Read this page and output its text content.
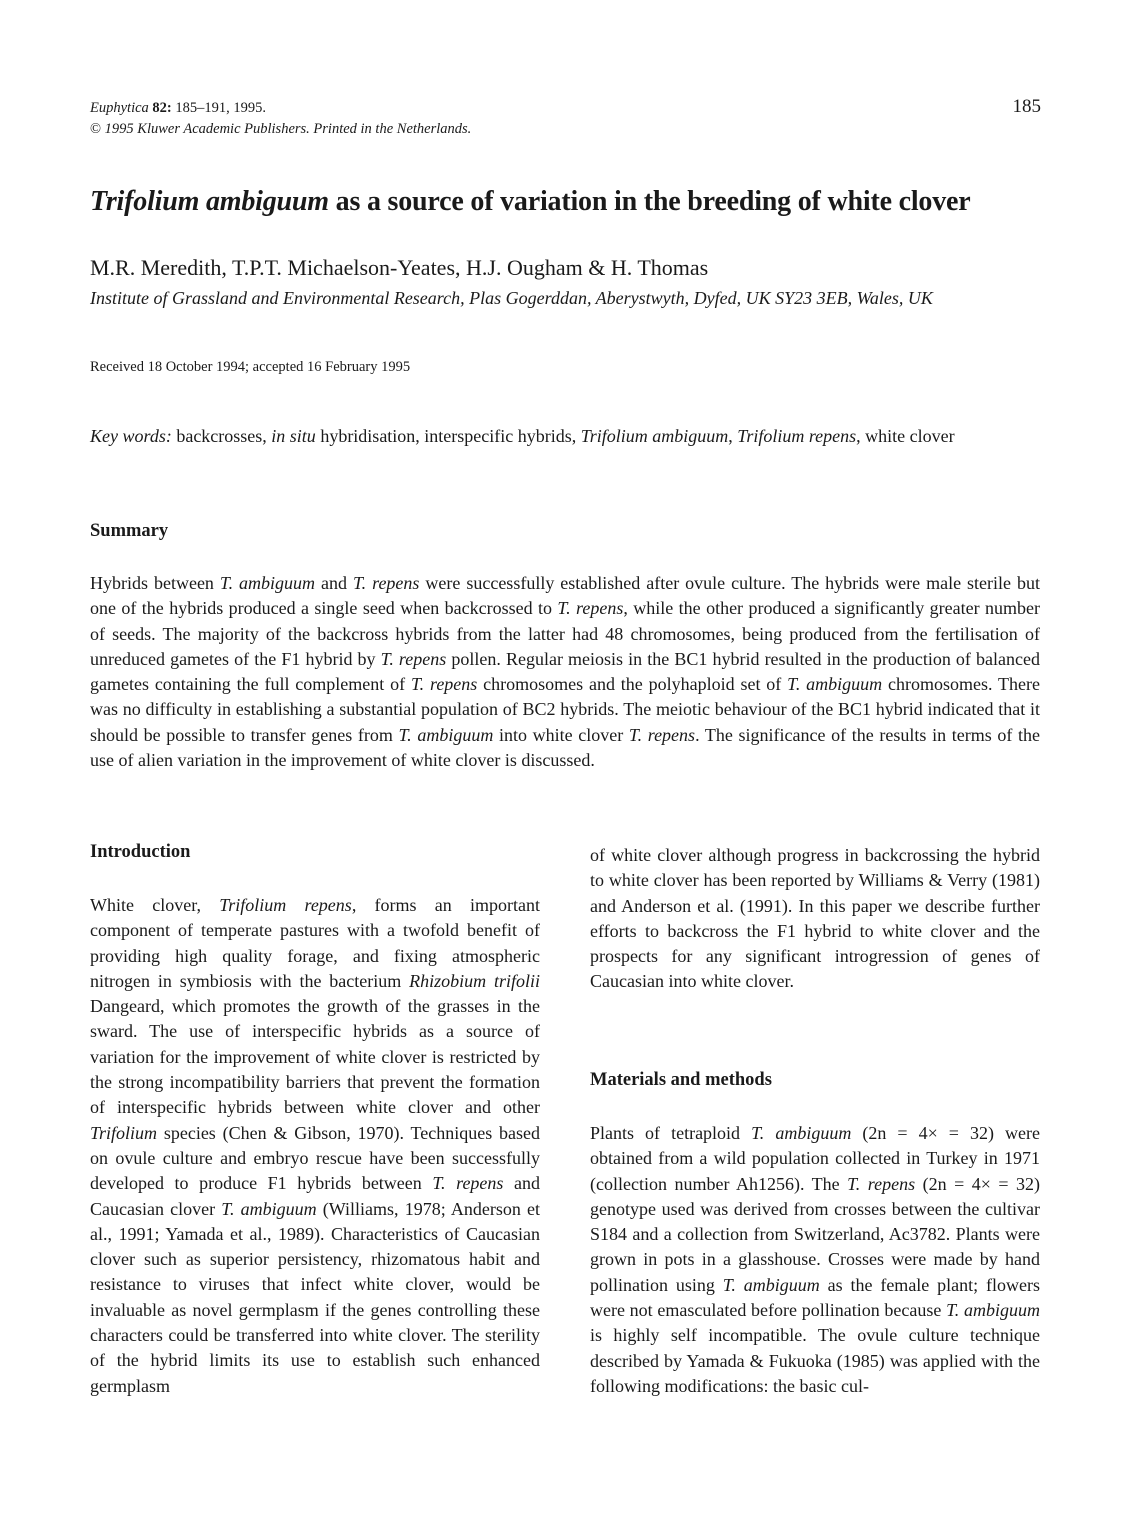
Euphytica 82: 185–191, 1995.
© 1995 Kluwer Academic Publishers. Printed in the Netherlands.
185
Trifolium ambiguum as a source of variation in the breeding of white clover
M.R. Meredith, T.P.T. Michaelson-Yeates, H.J. Ougham & H. Thomas
Institute of Grassland and Environmental Research, Plas Gogerddan, Aberystwyth, Dyfed, UK SY23 3EB, Wales, UK
Received 18 October 1994; accepted 16 February 1995
Key words: backcrosses, in situ hybridisation, interspecific hybrids, Trifolium ambiguum, Trifolium repens, white clover
Summary

Hybrids between T. ambiguum and T. repens were successfully established after ovule culture. The hybrids were male sterile but one of the hybrids produced a single seed when backcrossed to T. repens, while the other produced a significantly greater number of seeds. The majority of the backcross hybrids from the latter had 48 chromosomes, being produced from the fertilisation of unreduced gametes of the F1 hybrid by T. repens pollen. Regular meiosis in the BC1 hybrid resulted in the production of balanced gametes containing the full complement of T. repens chromosomes and the polyhaploid set of T. ambiguum chromosomes. There was no difficulty in establishing a substantial population of BC2 hybrids. The meiotic behaviour of the BC1 hybrid indicated that it should be possible to transfer genes from T. ambiguum into white clover T. repens. The significance of the results in terms of the use of alien variation in the improvement of white clover is discussed.

Introduction

White clover, Trifolium repens, forms an important component of temperate pastures with a twofold benefit of providing high quality forage, and fixing atmospheric nitrogen in symbiosis with the bacterium Rhizobium trifolii Dangeard, which promotes the growth of the grasses in the sward. The use of interspecific hybrids as a source of variation for the improvement of white clover is restricted by the strong incompatibility barriers that prevent the formation of interspecific hybrids between white clover and other Trifolium species (Chen & Gibson, 1970). Techniques based on ovule culture and embryo rescue have been successfully developed to produce F1 hybrids between T. repens and Caucasian clover T. ambiguum (Williams, 1978; Anderson et al., 1991; Yamada et al., 1989). Characteristics of Caucasian clover such as superior persistency, rhizomatous habit and resistance to viruses that infect white clover, would be invaluable as novel germplasm if the genes controlling these characters could be transferred into white clover. The sterility of the hybrid limits its use to establish such enhanced germplasm

of white clover although progress in backcrossing the hybrid to white clover has been reported by Williams & Verry (1981) and Anderson et al. (1991). In this paper we describe further efforts to backcross the F1 hybrid to white clover and the prospects for any significant introgression of genes of Caucasian into white clover.

Materials and methods

Plants of tetraploid T. ambiguum (2n = 4× = 32) were obtained from a wild population collected in Turkey in 1971 (collection number Ah1256). The T. repens (2n = 4× = 32) genotype used was derived from crosses between the cultivar S184 and a collection from Switzerland, Ac3782. Plants were grown in pots in a glasshouse. Crosses were made by hand pollination using T. ambiguum as the female plant; flowers were not emasculated before pollination because T. ambiguum is highly self incompatible. The ovule culture technique described by Yamada & Fukuoka (1985) was applied with the following modifications: the basic cul-
